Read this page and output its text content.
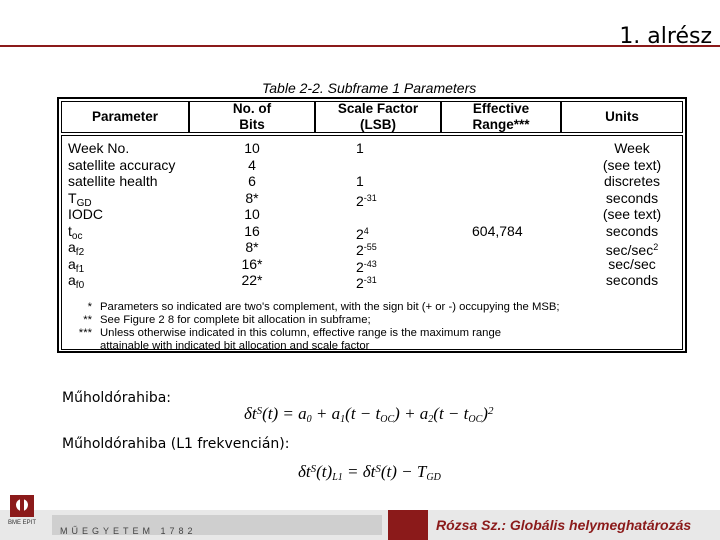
1. alrész
Table 2-2. Subframe 1 Parameters
Parameter
No. of
Bits
Scale Factor
(LSB)
Effective
Range***
Units
Week No.
satellite accuracy
satellite health
$T_{GD}$
IODC
$t_{oc}$
$a_{f2}$
$a_{f1}$
$a_{f0}$
10
4
6
8*
10
16
8*
16*
22*
1
1
$2^{-31}$
$2^4$
$2^{-55}$
$2^{-43}$
$2^{-31}$
604,784
Week
(see text)
discretes
seconds
(see text)
seconds
$\sec/\sec^2$
sec/sec
seconds
* Parameters so indicated are two's complement, with the sign bit (+ or -) occupying the MSB;
** See Figure 2 8 for complete bit allocation in subframe;
*** Unless otherwise indicated in this column, effective range is the maximum range
attainable with indicated bit allocation and scale factor
Műholdórahiba:
$\delta t^S(t) = a_0 + a_1(t - t_{OC}) + a_2(t - t_{OC})^2$
Műholdórahiba (L1 frekvencián):
$\delta t^S(t)_{L1} = \delta t^S(t) - T_{GD}$
Rózsa Sz.: Globális helymeghatározás
MŰEGYETEM 1782
BME EPIT
